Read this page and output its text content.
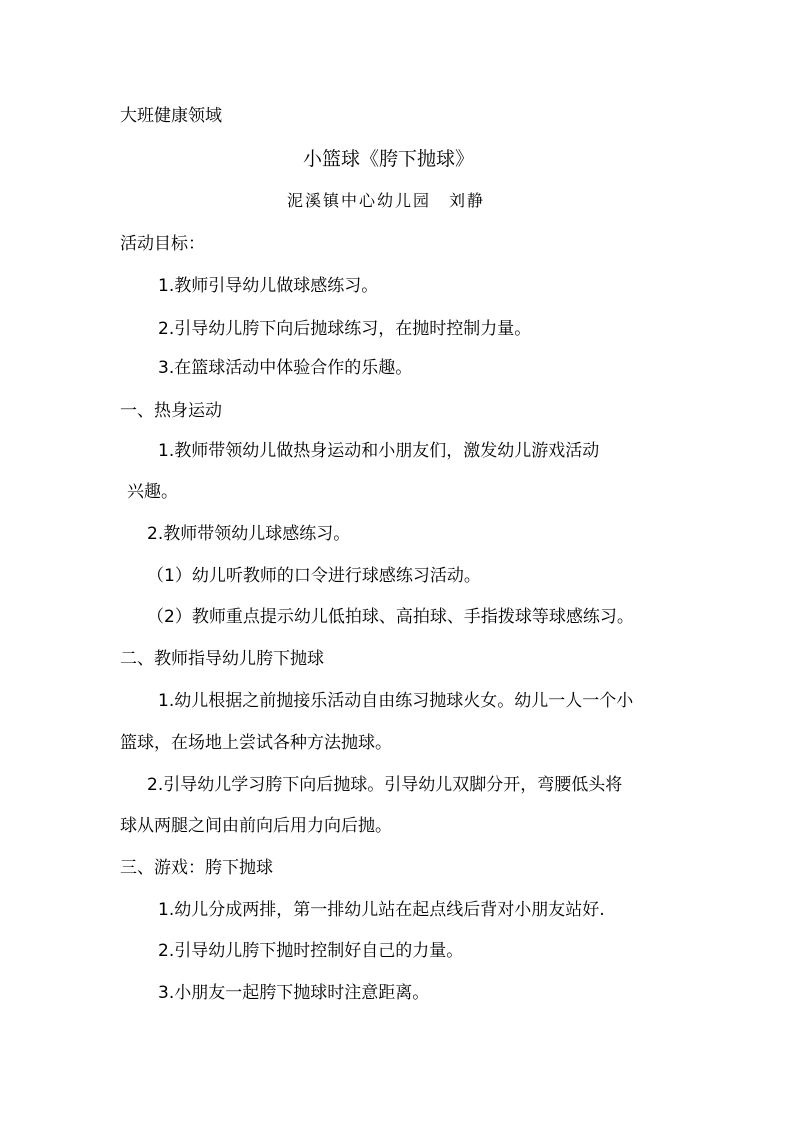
大班健康领域
小篮球《胯下抛球》
泥溪镇中心幼儿园　刘静
活动目标：
1.教师引导幼儿做球感练习。
2.引导幼儿胯下向后抛球练习，在抛时控制力量。
3.在篮球活动中体验合作的乐趣。
一、热身运动
1.教师带领幼儿做热身运动和小朋友们，激发幼儿游戏活动
兴趣。
2.教师带领幼儿球感练习。
（1）幼儿听教师的口令进行球感练习活动。
（2）教师重点提示幼儿低拍球、高拍球、手指拨球等球感练习。
二、教师指导幼儿胯下抛球
1.幼儿根据之前抛接乐活动自由练习抛球火女。幼儿一人一个小
篮球，在场地上尝试各种方法抛球。
2.引导幼儿学习胯下向后抛球。引导幼儿双脚分开，弯腰低头将
球从两腿之间由前向后用力向后抛。
三、游戏：胯下抛球
1.幼儿分成两排，第一排幼儿站在起点线后背对小朋友站好.
2.引导幼儿胯下抛时控制好自己的力量。
3.小朋友一起胯下抛球时注意距离。
